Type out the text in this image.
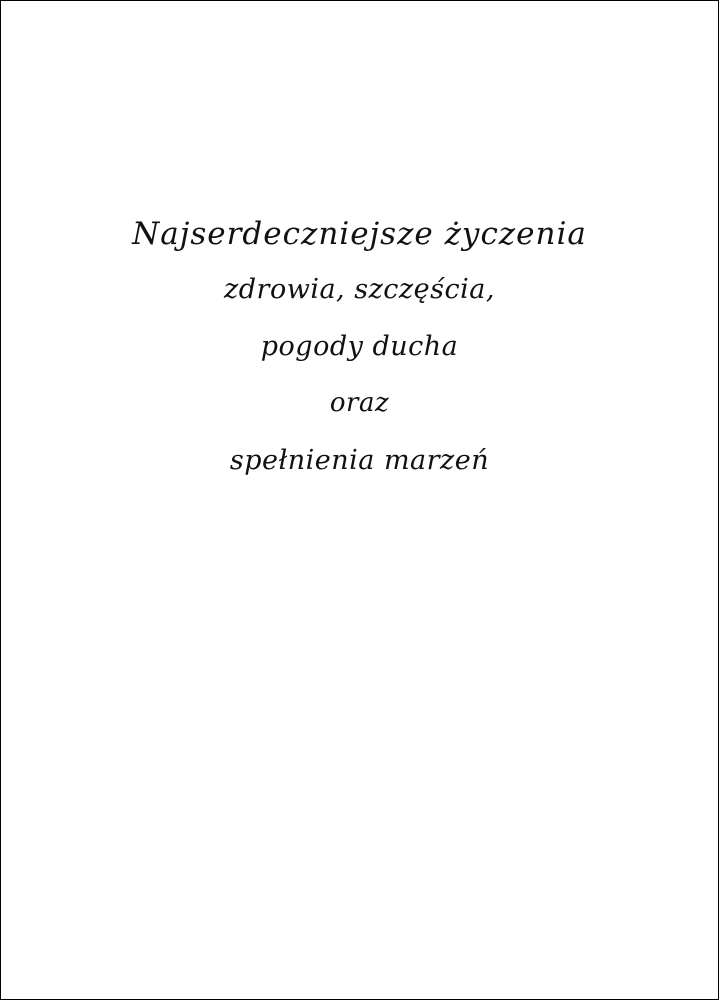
Najserdeczniejsze życzenia
zdrowia, szczęścia,
pogody ducha
oraz
spełnienia marzeń
